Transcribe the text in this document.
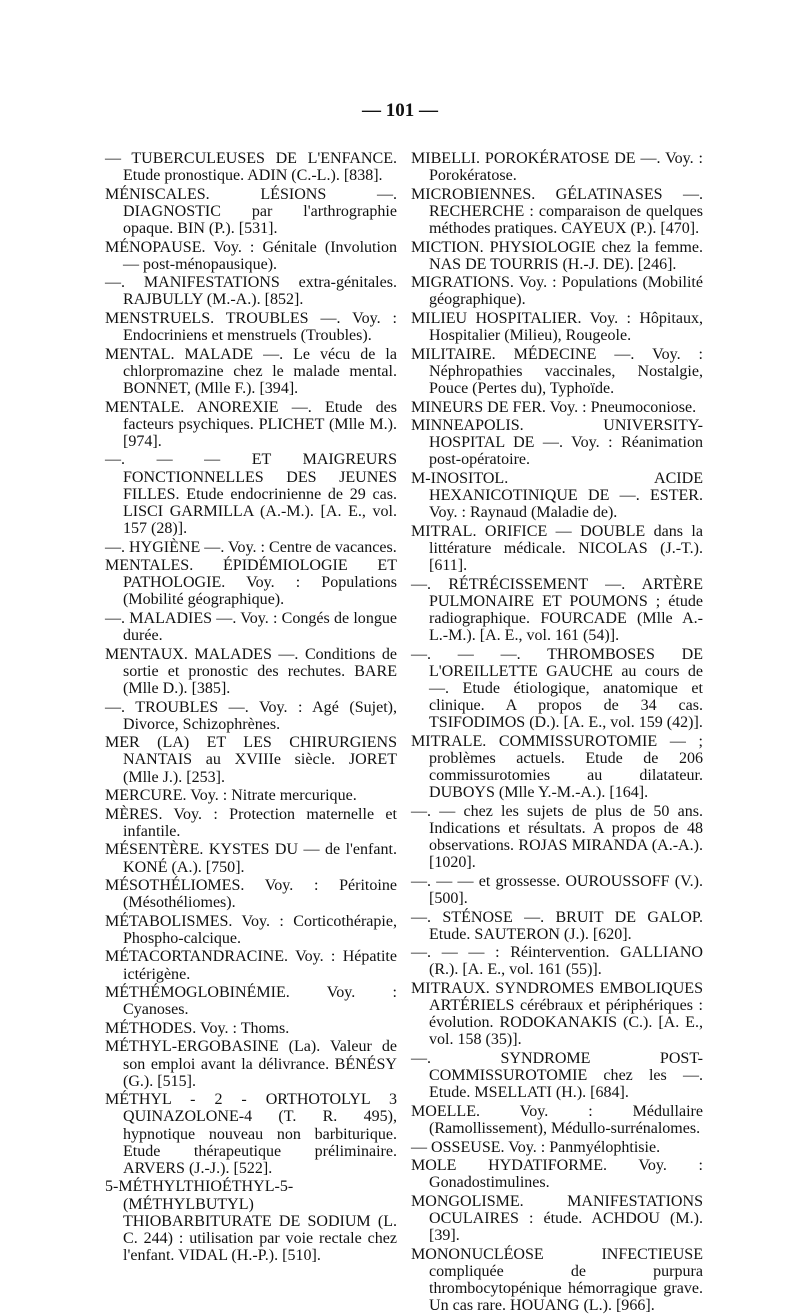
— 101 —

— TUBERCULEUSES DE L'ENFANCE. Etude pronostique. ADIN (C.-L.). [838].

MÉNISCALES. LÉSIONS —. DIAGNOSTIC par l'arthrographie opaque. BIN (P.). [531].

MÉNOPAUSE. Voy. : Génitale (Involution — post-ménopausique).

—. MANIFESTATIONS extra-génitales. RAJBULLY (M.-A.). [852].

MENSTRUELS. TROUBLES —. Voy. : Endocriniens et menstruels (Troubles).

MENTAL. MALADE —. Le vécu de la chlorpromazine chez le malade mental. BONNET, (Mlle F.). [394].

MENTALE. ANOREXIE —. Etude des facteurs psychiques. PLICHET (Mlle M.). [974].

—. — — ET MAIGREURS FONCTIONNELLES DES JEUNES FILLES. Etude endocrinienne de 29 cas. LISCI GARMILLA (A.-M.). [A. E., vol. 157 (28)].

—. HYGIÈNE —. Voy. : Centre de vacances.

MENTALES. ÉPIDÉMIOLOGIE ET PATHOLOGIE. Voy. : Populations (Mobilité géographique).

—. MALADIES —. Voy. : Congés de longue durée.

MENTAUX. MALADES —. Conditions de sortie et pronostic des rechutes. BARE (Mlle D.). [385].

—. TROUBLES —. Voy. : Agé (Sujet), Divorce, Schizophrènes.

MER (LA) ET LES CHIRURGIENS NANTAIS au XVIIIe siècle. JORET (Mlle J.). [253].

MERCURE. Voy. : Nitrate mercurique.

MÈRES. Voy. : Protection maternelle et infantile.

MÉSENTÈRE. KYSTES DU — de l'enfant. KONÉ (A.). [750].

MÉSOTHÉLIOMES. Voy. : Péritoine (Mésothéliomes).

MÉTABOLISMES. Voy. : Corticothérapie, Phospho-calcique.

MÉTACORTANDRACINE. Voy. : Hépatite ictérigène.

MÉTHÉMOGLOBINÉMIE. Voy. : Cyanoses.

MÉTHODES. Voy. : Thoms.

MÉTHYL-ERGOBASINE (La). Valeur de son emploi avant la délivrance. BÉNÉSY (G.). [515].

MÉTHYL - 2 - ORTHOTOLYL 3 QUINAZOLONE-4 (T. R. 495), hypnotique nouveau non barbiturique. Etude thérapeutique préliminaire. ARVERS (J.-J.). [522].

5-MÉTHYLTHIOÉTHYL-5-(MÉTHYLBUTYL) THIOBARBITURATE DE SODIUM (L. C. 244) : utilisation par voie rectale chez l'enfant. VIDAL (H.-P.). [510].

MIBELLI. POROKÉRATOSE DE —. Voy. : Porokératose.

MICROBIENNES. GÉLATINASES —. RECHERCHE : comparaison de quelques méthodes pratiques. CAYEUX (P.). [470].

MICTION. PHYSIOLOGIE chez la femme. NAS DE TOURRIS (H.-J. DE). [246].

MIGRATIONS. Voy. : Populations (Mobilité géographique).

MILIEU HOSPITALIER. Voy. : Hôpitaux, Hospitalier (Milieu), Rougeole.

MILITAIRE. MÉDECINE —. Voy. : Néphropathies vaccinales, Nostalgie, Pouce (Pertes du), Typhoïde.

MINEURS DE FER. Voy. : Pneumoconiose.

MINNEAPOLIS. UNIVERSITY-HOSPITAL DE —. Voy. : Réanimation post-opératoire.

M-INOSITOL. ACIDE HEXANICOTINIQUE DE —. ESTER. Voy. : Raynaud (Maladie de).

MITRAL. ORIFICE — DOUBLE dans la littérature médicale. NICOLAS (J.-T.). [611].

—. RÉTRÉCISSEMENT —. ARTÈRE PULMONAIRE ET POUMONS ; étude radiographique. FOURCADE (Mlle A.-L.-M.). [A. E., vol. 161 (54)].

—. — —. THROMBOSES DE L'OREILLETTE GAUCHE au cours de —. Etude étiologique, anatomique et clinique. A propos de 34 cas. TSIFODIMOS (D.). [A. E., vol. 159 (42)].

MITRALE. COMMISSUROTOMIE — ; problèmes actuels. Etude de 206 commissurotomies au dilatateur. DUBOYS (Mlle Y.-M.-A.). [164].

—. — chez les sujets de plus de 50 ans. Indications et résultats. A propos de 48 observations. ROJAS MIRANDA (A.-A.). [1020].

—. — — et grossesse. OUROUSSOFF (V.). [500].

—. STÉNOSE —. BRUIT DE GALOP. Etude. SAUTERON (J.). [620].

—. — — : Réintervention. GALLIANO (R.). [A. E., vol. 161 (55)].

MITRAUX. SYNDROMES EMBOLIQUES ARTÉRIELS cérébraux et périphériques : évolution. RODOKANAKIS (C.). [A. E., vol. 158 (35)].

—. SYNDROME POST-COMMISSUROTOMIE chez les —. Etude. MSELLATI (H.). [684].

MOELLE. Voy. : Médullaire (Ramollissement), Médullo-surrénalomes.

— OSSEUSE. Voy. : Panmyélophtisie.

MOLE HYDATIFORME. Voy. : Gonadostimulines.

MONGOLISME. MANIFESTATIONS OCULAIRES : étude. ACHDOU (M.). [39].

MONONUCLÉOSE INFECTIEUSE compliquée de purpura thrombocytopénique hémorragique grave. Un cas rare. HOUANG (L.). [966].
